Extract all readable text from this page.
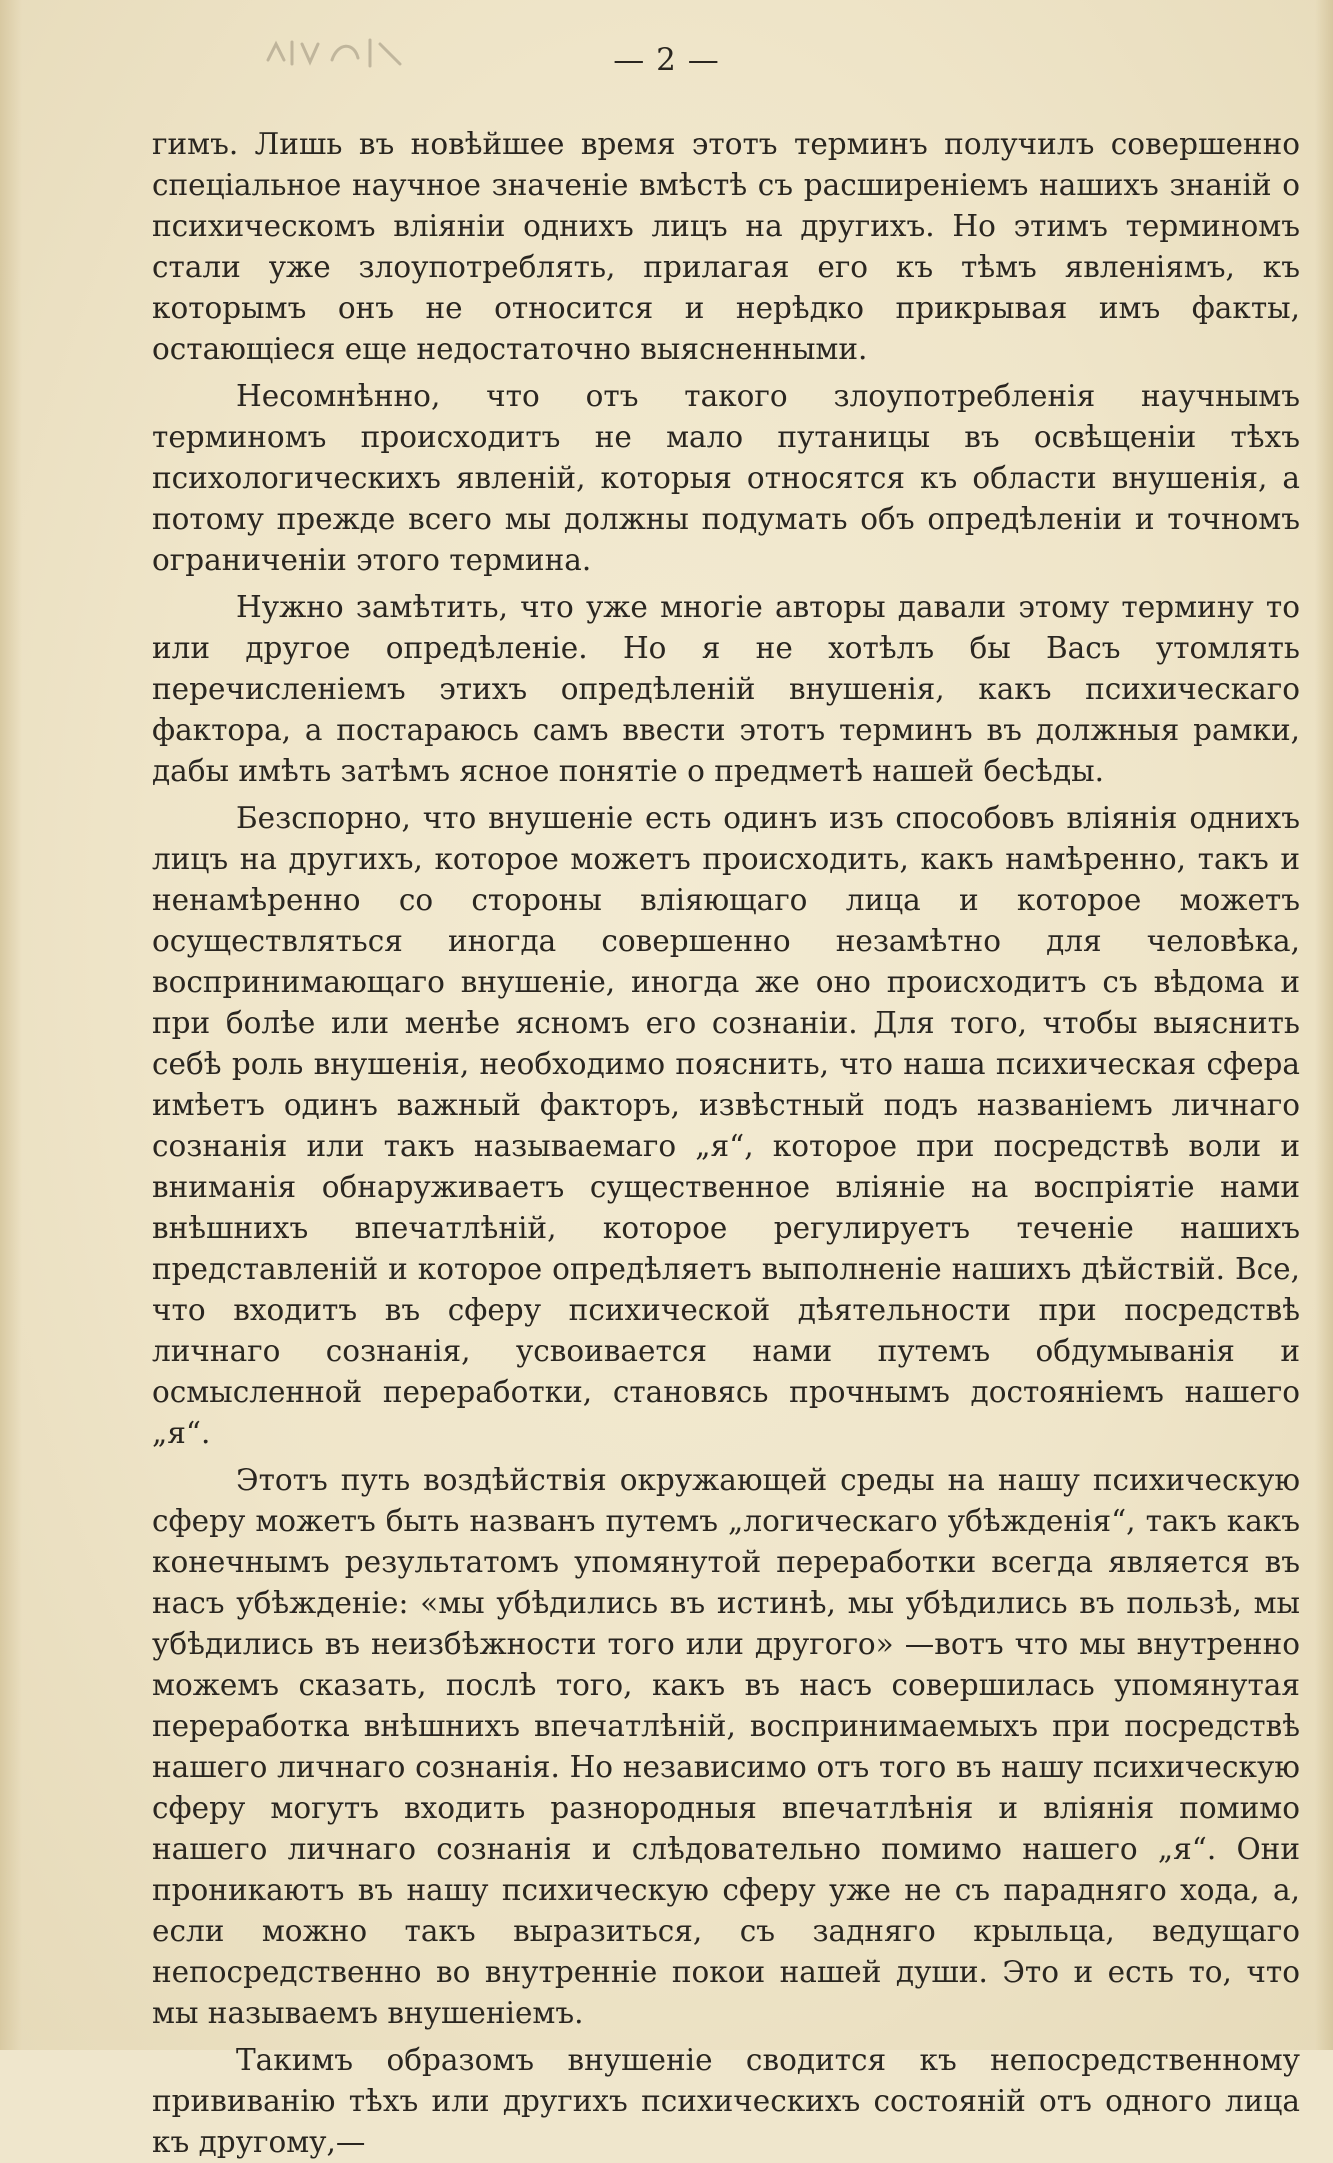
— 2 —

гимъ. Лишь въ новѣйшее время этотъ терминъ получилъ совершенно спеціальное научное значеніе вмѣстѣ съ расширеніемъ нашихъ знаній о психическомъ вліяніи однихъ лицъ на другихъ. Но этимъ терминомъ стали уже злоупотреблять, прилагая его къ тѣмъ явленіямъ, къ которымъ онъ не относится и нерѣдко прикрывая имъ факты, остающіеся еще недостаточно выясненными.

Несомнѣнно, что отъ такого злоупотребленія научнымъ терминомъ происходитъ не мало путаницы въ освѣщеніи тѣхъ психологическихъ явленій, которыя относятся къ области внушенія, а потому прежде всего мы должны подумать объ опредѣленіи и точномъ ограниченіи этого термина.

Нужно замѣтить, что уже многіе авторы давали этому термину то или другое опредѣленіе. Но я не хотѣлъ бы Васъ утомлять перечисленіемъ этихъ опредѣленій внушенія, какъ психическаго фактора, а постараюсь самъ ввести этотъ терминъ въ должныя рамки, дабы имѣть затѣмъ ясное понятіе о предметѣ нашей бесѣды.

Безспорно, что внушеніе есть одинъ изъ способовъ вліянія однихъ лицъ на другихъ, которое можетъ происходить, какъ намѣренно, такъ и ненамѣренно со стороны вліяющаго лица и которое можетъ осуществляться иногда совершенно незамѣтно для человѣка, воспринимающаго внушеніе, иногда же оно происходитъ съ вѣдома и при болѣе или менѣе ясномъ его сознаніи. Для того, чтобы выяснить себѣ роль внушенія, необходимо пояснить, что наша психическая сфера имѣетъ одинъ важный факторъ, извѣстный подъ названіемъ личнаго сознанія или такъ называемаго „я“, которое при посредствѣ воли и вниманія обнаруживаетъ существенное вліяніе на воспріятіе нами внѣшнихъ впечатлѣній, которое регулируетъ теченіе нашихъ представленій и которое опредѣляетъ выполненіе нашихъ дѣйствій. Все, что входитъ въ сферу психической дѣятельности при посредствѣ личнаго сознанія, усвоивается нами путемъ обдумыванія и осмысленной переработки, становясь прочнымъ достояніемъ нашего „я“.

Этотъ путь воздѣйствія окружающей среды на нашу психическую сферу можетъ быть названъ путемъ „логическаго убѣжденія“, такъ какъ конечнымъ результатомъ упомянутой переработки всегда является въ насъ убѣжденіе: «мы убѣдились въ истинѣ, мы убѣдились въ пользѣ, мы убѣдились въ неизбѣжности того или другого» —вотъ что мы внутренно можемъ сказать, послѣ того, какъ въ насъ совершилась упомянутая переработка внѣшнихъ впечатлѣній, воспринимаемыхъ при посредствѣ нашего личнаго сознанія. Но независимо отъ того въ нашу психическую сферу могутъ входить разнородныя впечатлѣнія и вліянія помимо нашего личнаго сознанія и слѣдовательно помимо нашего „я“. Они проникаютъ въ нашу психическую сферу уже не съ парадняго хода, а, если можно такъ выразиться, съ задняго крыльца, ведущаго непосредственно во внутренніе покои нашей души. Это и есть то, что мы называемъ внушеніемъ.

Такимъ образомъ внушеніе сводится къ непосредственному прививанію тѣхъ или другихъ психическихъ состояній отъ одного лица къ другому,—
